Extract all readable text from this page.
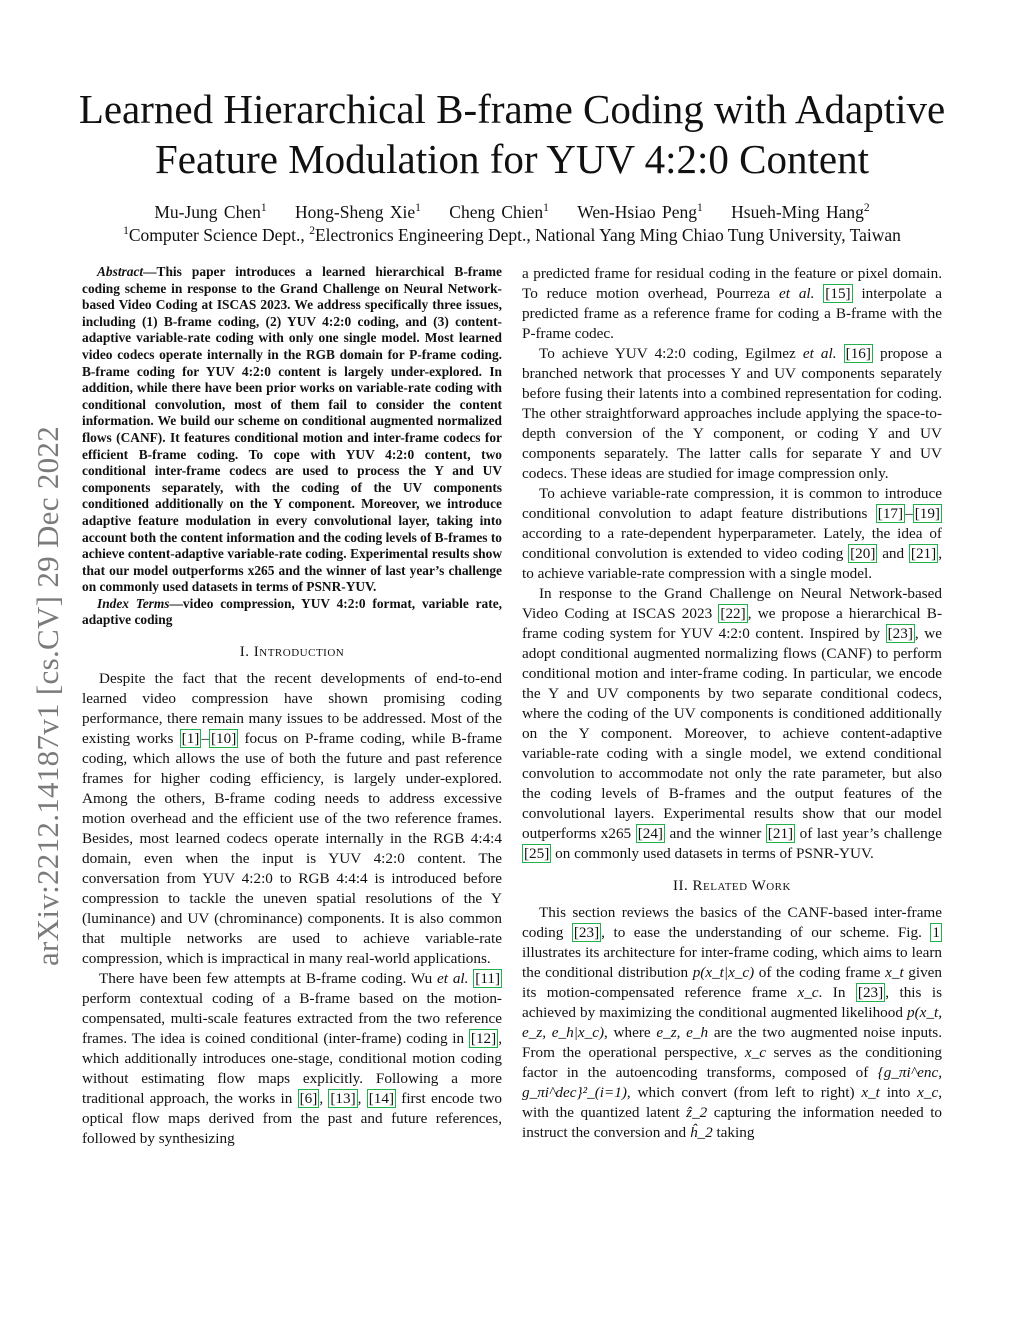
arXiv:2212.14187v1 [cs.CV] 29 Dec 2022
Learned Hierarchical B-frame Coding with Adaptive
Feature Modulation for YUV 4:2:0 Content
Mu-Jung Chen$^1$ Hong-Sheng Xie$^1$ Cheng Chien$^1$ Wen-Hsiao Peng$^1$ Hsueh-Ming Hang$^2$
$^1$Computer Science Dept., $^2$Electronics Engineering Dept., National Yang Ming Chiao Tung University, Taiwan

Abstract—This paper introduces a learned hierarchical B-frame coding scheme in response to the Grand Challenge on Neural Network-based Video Coding at ISCAS 2023. We address specifically three issues, including (1) B-frame coding, (2) YUV 4:2:0 coding, and (3) content-adaptive variable-rate coding with only one single model. Most learned video codecs operate internally in the RGB domain for P-frame coding. B-frame coding for YUV 4:2:0 content is largely under-explored. In addition, while there have been prior works on variable-rate coding with conditional convolution, most of them fail to consider the content information. We build our scheme on conditional augmented normalized flows (CANF). It features conditional motion and inter-frame codecs for efficient B-frame coding. To cope with YUV 4:2:0 content, two conditional inter-frame codecs are used to process the Y and UV components separately, with the coding of the UV components conditioned additionally on the Y component. Moreover, we introduce adaptive feature modulation in every convolutional layer, taking into account both the content information and the coding levels of B-frames to achieve content-adaptive variable-rate coding. Experimental results show that our model outperforms x265 and the winner of last year’s challenge on commonly used datasets in terms of PSNR-YUV.

Index Terms—video compression, YUV 4:2:0 format, variable rate, adaptive coding

I. Introduction

Despite the fact that the recent developments of end-to-end learned video compression have shown promising coding performance, there remain many issues to be addressed. Most of the existing works [1] – [10] focus on P-frame coding, while B-frame coding, which allows the use of both the future and past reference frames for higher coding efficiency, is largely under-explored. Among the others, B-frame coding needs to address excessive motion overhead and the efficient use of the two reference frames. Besides, most learned codecs operate internally in the RGB 4:4:4 domain, even when the input is YUV 4:2:0 content. The conversation from YUV 4:2:0 to RGB 4:4:4 is introduced before compression to tackle the uneven spatial resolutions of the Y (luminance) and UV (chrominance) components. It is also common that multiple networks are used to achieve variable-rate compression, which is impractical in many real-world applications.

There have been few attempts at B-frame coding. Wu et al. [11] perform contextual coding of a B-frame based on the motion-compensated, multi-scale features extracted from the two reference frames. The idea is coined conditional (inter-frame) coding in [12] , which additionally introduces one-stage, conditional motion coding without estimating flow maps explicitly. Following a more traditional approach, the works in [6] , [13] , [14] first encode two optical flow maps derived from the past and future references, followed by synthesizing

a predicted frame for residual coding in the feature or pixel domain. To reduce motion overhead, Pourreza et al. [15] interpolate a predicted frame as a reference frame for coding a B-frame with the P-frame codec.

To achieve YUV 4:2:0 coding, Egilmez et al. [16] propose a branched network that processes Y and UV components separately before fusing their latents into a combined representation for coding. The other straightforward approaches include applying the space-to-depth conversion of the Y component, or coding Y and UV components separately. The latter calls for separate Y and UV codecs. These ideas are studied for image compression only.

To achieve variable-rate compression, it is common to introduce conditional convolution to adapt feature distributions [17] – [19] according to a rate-dependent hyperparameter. Lately, the idea of conditional convolution is extended to video coding [20] and [21] , to achieve variable-rate compression with a single model.

In response to the Grand Challenge on Neural Network-based Video Coding at ISCAS 2023 [22] , we propose a hierarchical B-frame coding system for YUV 4:2:0 content. Inspired by [23] , we adopt conditional augmented normalizing flows (CANF) to perform conditional motion and inter-frame coding. In particular, we encode the Y and UV components by two separate conditional codecs, where the coding of the UV components is conditioned additionally on the Y component. Moreover, to achieve content-adaptive variable-rate coding with a single model, we extend conditional convolution to accommodate not only the rate parameter, but also the coding levels of B-frames and the output features of the convolutional layers. Experimental results show that our model outperforms x265 [24] and the winner [21] of last year’s challenge [25] on commonly used datasets in terms of PSNR-YUV.

II. Related Work

This section reviews the basics of the CANF-based inter-frame coding [23] , to ease the understanding of our scheme. Fig. 1 illustrates its architecture for inter-frame coding, which aims to learn the conditional distribution p(x_t|x_c) of the coding frame x_t given its motion-compensated reference frame x_c. In [23] , this is achieved by maximizing the conditional augmented likelihood p(x_t, e_z, e_h|x_c), where e_z, e_h are the two augmented noise inputs. From the operational perspective, x_c serves as the conditioning factor in the autoencoding transforms, composed of {g_πi^enc, g_πi^dec}²_(i=1), which convert (from left to right) x_t into x_c, with the quantized latent ẑ_2 capturing the information needed to instruct the conversion and ĥ_2 taking
